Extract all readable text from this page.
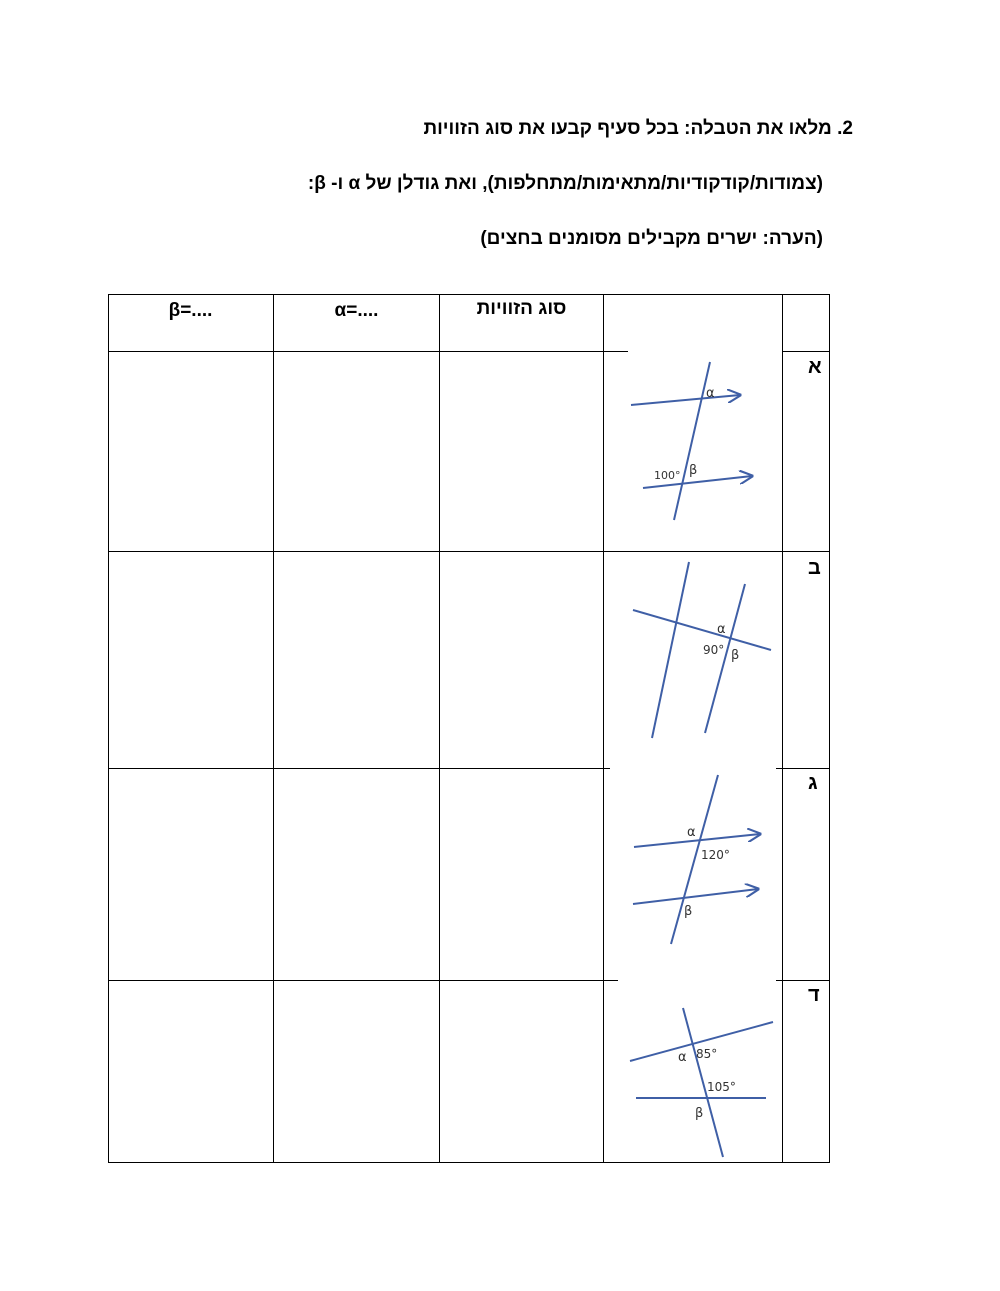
2. מלאו את הטבלה: בכל סעיף קבעו את סוג הזוויות
(צמודות/קודקודיות/מתאימות/מתחלפות), ואת גודלן של α ו- β:
(הערה: ישרים מקבילים מסומנים בחצים)
β=....	α=....	סוג הזוויות
א
ב
ג
ד
α
100° β
α
90° β
α
120°
β
α 85°
105°
β
